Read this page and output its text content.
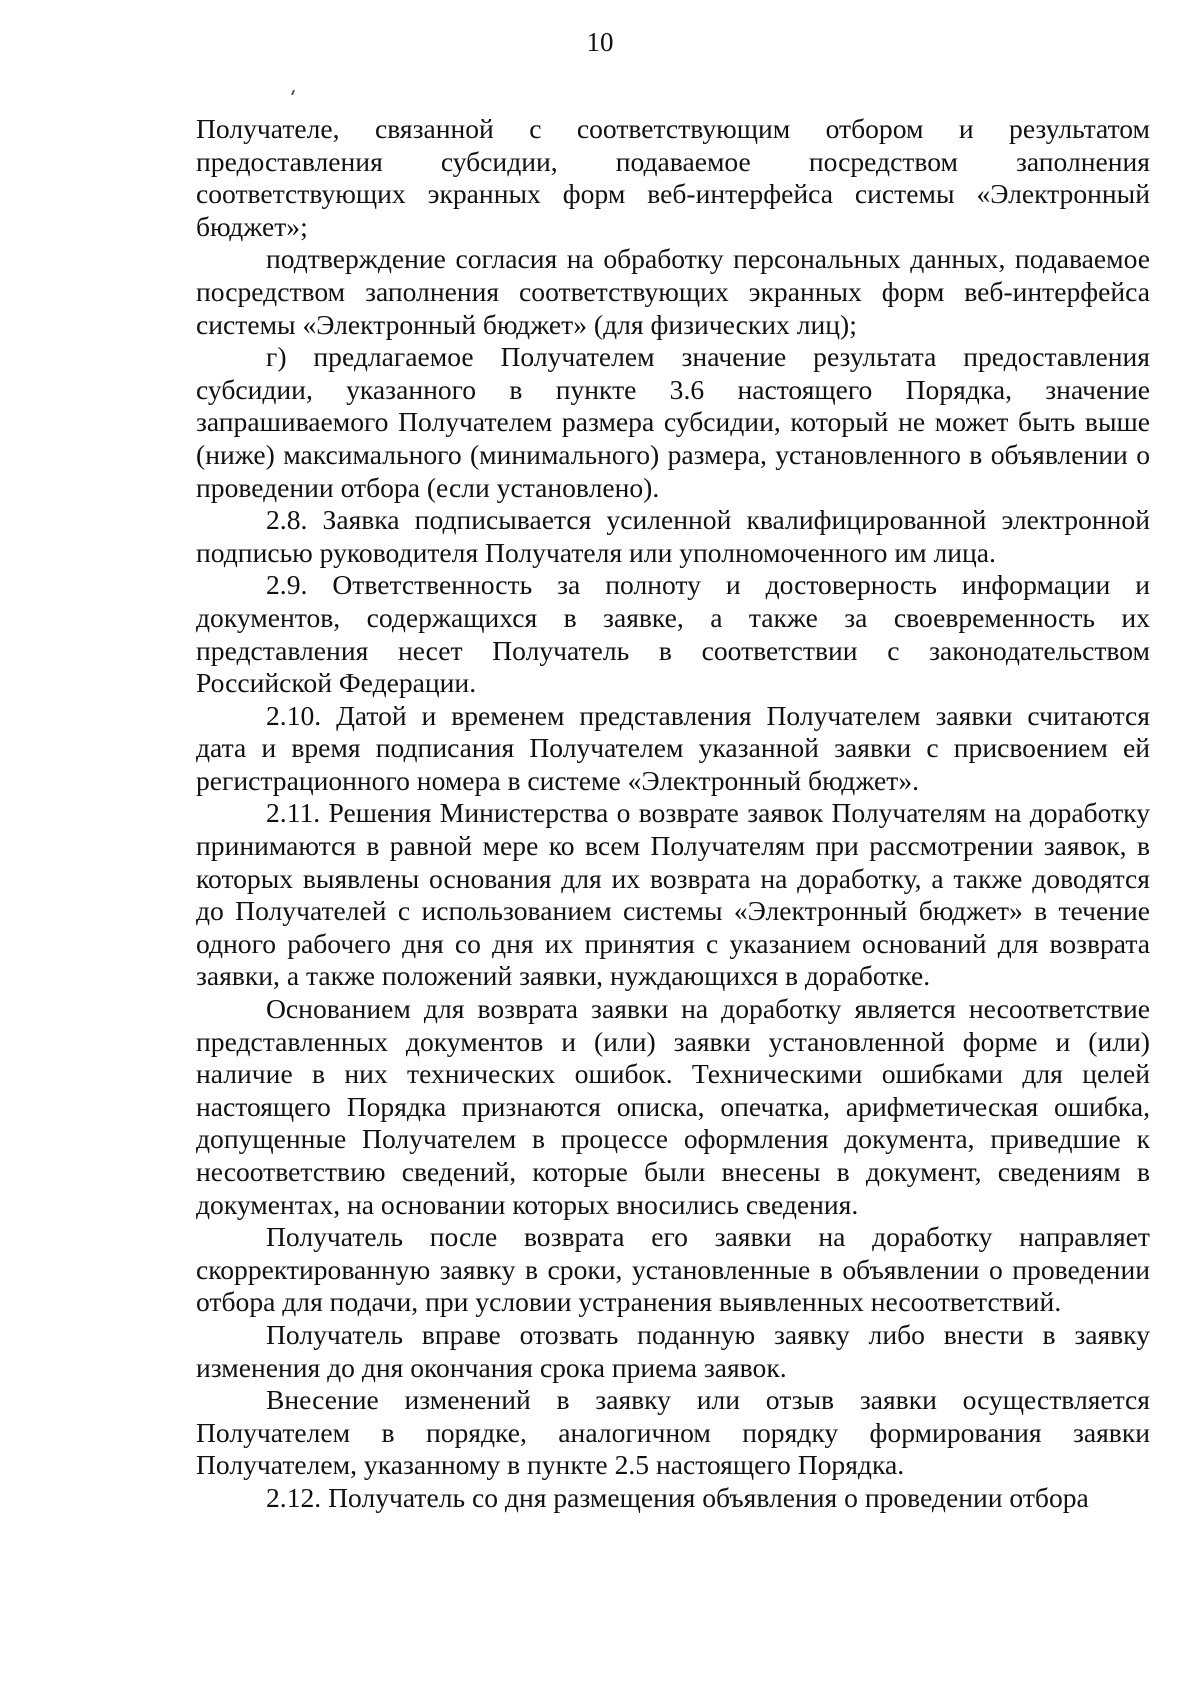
10

Получателе, связанной с соответствующим отбором и результатом предоставления субсидии, подаваемое посредством заполнения соответствующих экранных форм веб-интерфейса системы «Электронный бюджет»;

подтверждение согласия на обработку персональных данных, подаваемое посредством заполнения соответствующих экранных форм веб-интерфейса системы «Электронный бюджет» (для физических лиц);

г) предлагаемое Получателем значение результата предоставления субсидии, указанного в пункте 3.6 настоящего Порядка, значение запрашиваемого Получателем размера субсидии, который не может быть выше (ниже) максимального (минимального) размера, установленного в объявлении о проведении отбора (если установлено).

2.8. Заявка подписывается усиленной квалифицированной электронной подписью руководителя Получателя или уполномоченного им лица.

2.9. Ответственность за полноту и достоверность информации и документов, содержащихся в заявке, а также за своевременность их представления несет Получатель в соответствии с законодательством Российской Федерации.

2.10. Датой и временем представления Получателем заявки считаются дата и время подписания Получателем указанной заявки с присвоением ей регистрационного номера в системе «Электронный бюджет».

2.11. Решения Министерства о возврате заявок Получателям на доработку принимаются в равной мере ко всем Получателям при рассмотрении заявок, в которых выявлены основания для их возврата на доработку, а также доводятся до Получателей с использованием системы «Электронный бюджет» в течение одного рабочего дня со дня их принятия с указанием оснований для возврата заявки, а также положений заявки, нуждающихся в доработке.

Основанием для возврата заявки на доработку является несоответствие представленных документов и (или) заявки установленной форме и (или) наличие в них технических ошибок. Техническими ошибками для целей настоящего Порядка признаются описка, опечатка, арифметическая ошибка, допущенные Получателем в процессе оформления документа, приведшие к несоответствию сведений, которые были внесены в документ, сведениям в документах, на основании которых вносились сведения.

Получатель после возврата его заявки на доработку направляет скорректированную заявку в сроки, установленные в объявлении о проведении отбора для подачи, при условии устранения выявленных несоответствий.

Получатель вправе отозвать поданную заявку либо внести в заявку изменения до дня окончания срока приема заявок.

Внесение изменений в заявку или отзыв заявки осуществляется Получателем в порядке, аналогичном порядку формирования заявки Получателем, указанному в пункте 2.5 настоящего Порядка.

2.12. Получатель со дня размещения объявления о проведении отбора
